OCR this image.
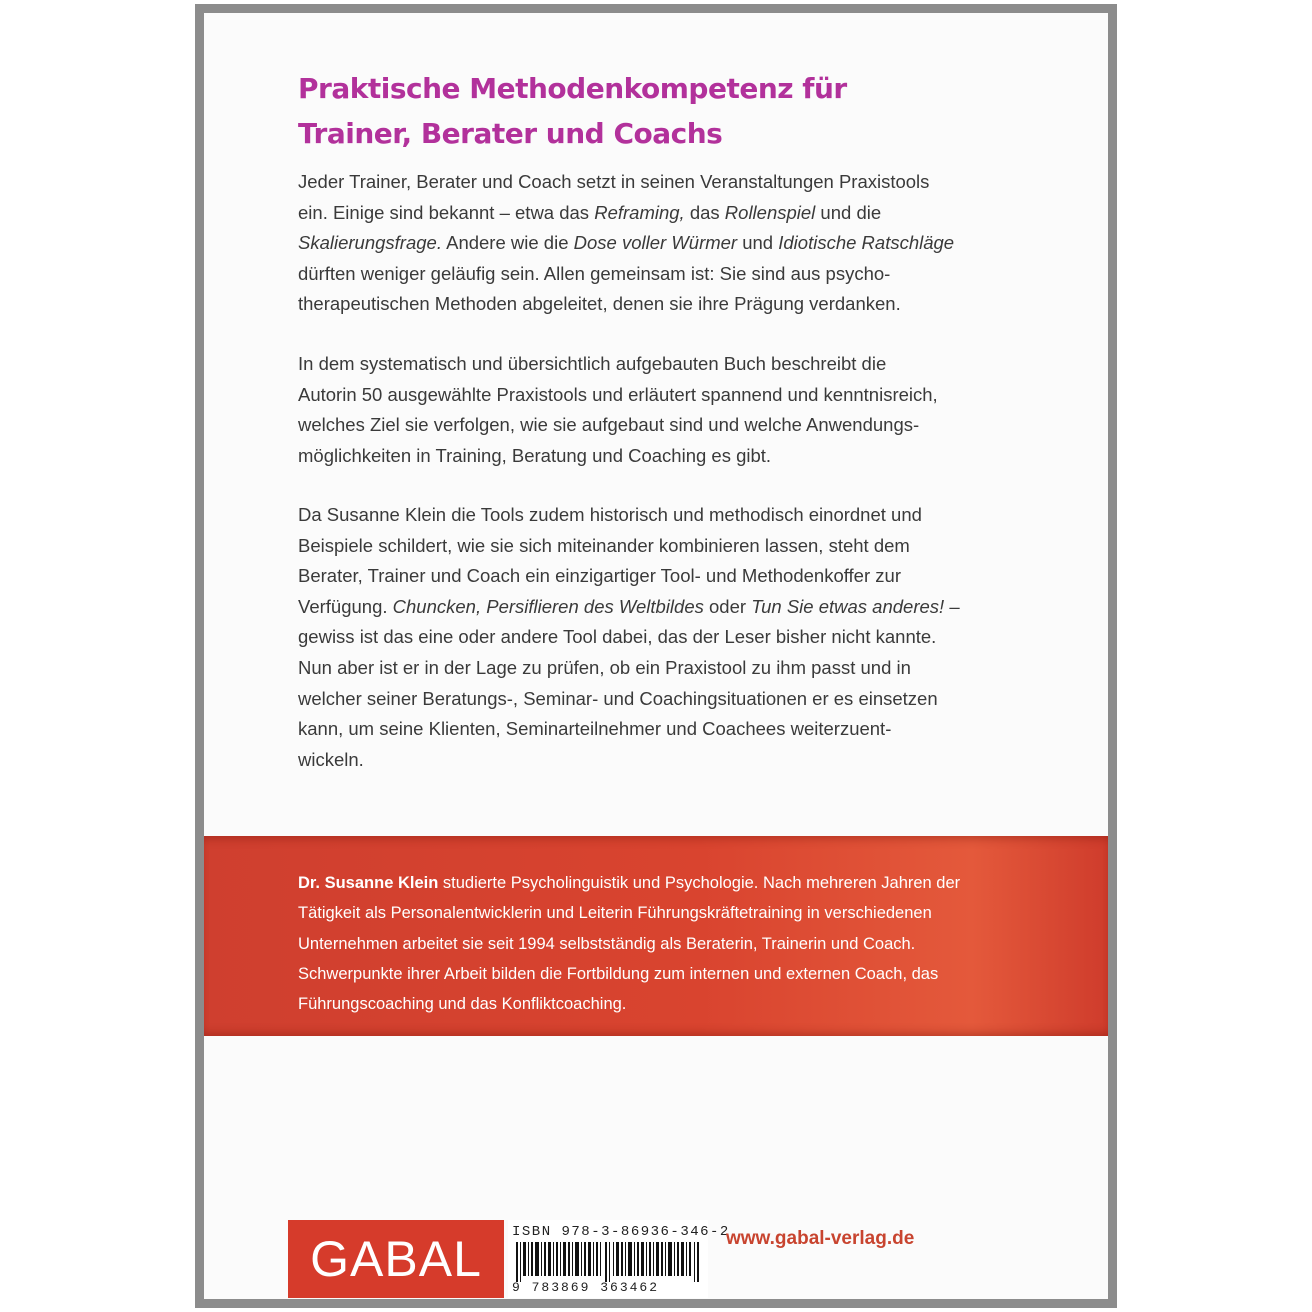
Praktische Methodenkompetenz für
Trainer, Berater und Coachs

Jeder Trainer, Berater und Coach setzt in seinen Veranstaltungen Praxistools
ein. Einige sind bekannt – etwa das Reframing, das Rollenspiel und die
Skalierungsfrage. Andere wie die Dose voller Würmer und Idiotische Ratschläge
dürften weniger geläufig sein. Allen gemeinsam ist: Sie sind aus psycho-
therapeutischen Methoden abgeleitet, denen sie ihre Prägung verdanken.

In dem systematisch und übersichtlich aufgebauten Buch beschreibt die
Autorin 50 ausgewählte Praxistools und erläutert spannend und kenntnisreich,
welches Ziel sie verfolgen, wie sie aufgebaut sind und welche Anwendungs-
möglichkeiten in Training, Beratung und Coaching es gibt.

Da Susanne Klein die Tools zudem historisch und methodisch einordnet und
Beispiele schildert, wie sie sich miteinander kombinieren lassen, steht dem
Berater, Trainer und Coach ein einzigartiger Tool- und Methodenkoffer zur
Verfügung. Chuncken, Persiflieren des Weltbildes oder Tun Sie etwas anderes! –
gewiss ist das eine oder andere Tool dabei, das der Leser bisher nicht kannte.
Nun aber ist er in der Lage zu prüfen, ob ein Praxistool zu ihm passt und in
welcher seiner Beratungs-, Seminar- und Coachingsituationen er es einsetzen
kann, um seine Klienten, Seminarteilnehmer und Coachees weiterzuent-
wickeln.

Dr. Susanne Klein studierte Psycholinguistik und Psychologie. Nach mehreren Jahren der
Tätigkeit als Personalentwicklerin und Leiterin Führungskräftetraining in verschiedenen
Unternehmen arbeitet sie seit 1994 selbstständig als Beraterin, Trainerin und Coach.
Schwerpunkte ihrer Arbeit bilden die Fortbildung zum internen und externen Coach, das
Führungscoaching und das Konfliktcoaching.

GABAL	ISBN 978-3-86936-346-2

9 783869 363462

www.gabal-verlag.de
